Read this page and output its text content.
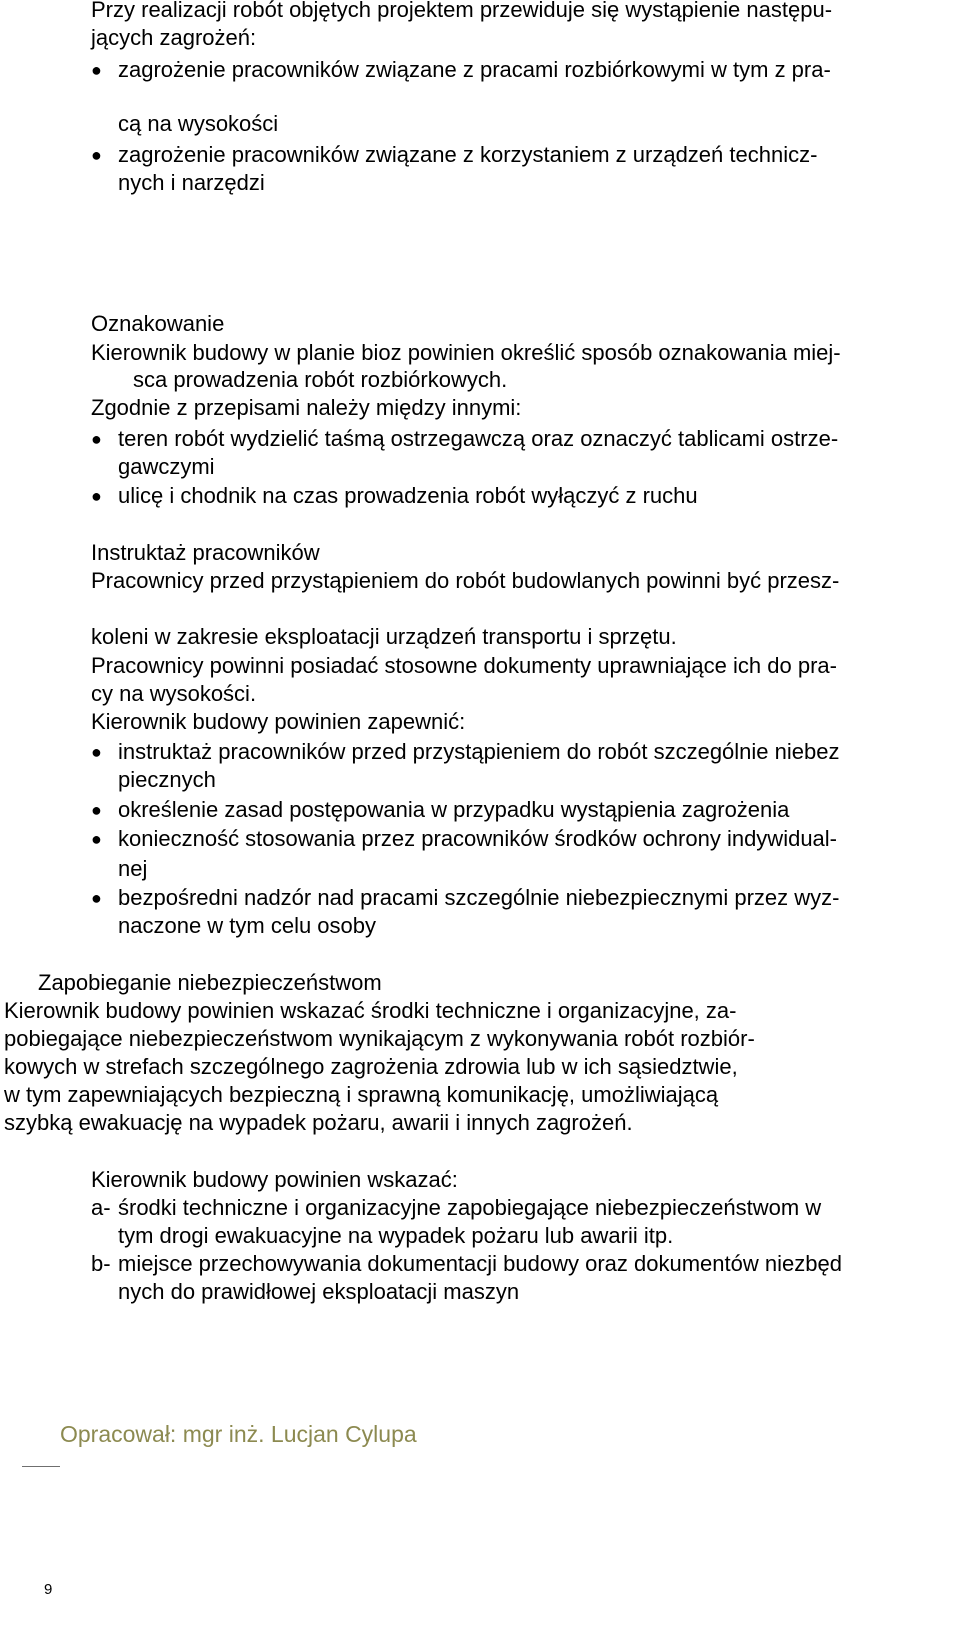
Przy realizacji robót objętych projektem przewiduje się wystąpienie następu-
jących zagrożeń:
● zagrożenie pracowników związane z pracami rozbiórkowymi w tym z pra-
cą na wysokości
● zagrożenie pracowników związane z korzystaniem z urządzeń technicz-
nych i narzędzi
Oznakowanie
Kierownik budowy w planie bioz powinien określić sposób oznakowania miej-
sca prowadzenia robót rozbiórkowych.
Zgodnie z przepisami należy między innymi:
● teren robót wydzielić taśmą ostrzegawczą oraz oznaczyć tablicami ostrze-
gawczymi
● ulicę i chodnik na czas prowadzenia robót wyłączyć z ruchu
Instruktaż pracowników
Pracownicy przed przystąpieniem do robót budowlanych powinni być przesz-
koleni w zakresie eksploatacji urządzeń transportu i sprzętu.
Pracownicy powinni posiadać stosowne dokumenty uprawniające ich do pra-
cy na wysokości.
Kierownik budowy powinien zapewnić:
● instruktaż pracowników przed przystąpieniem do robót szczególnie niebez
piecznych
● określenie zasad postępowania w przypadku wystąpienia zagrożenia
● konieczność stosowania przez pracowników środków ochrony indywidual-
nej
● bezpośredni nadzór nad pracami szczególnie niebezpiecznymi przez wyz-
naczone w tym celu osoby
Zapobieganie niebezpieczeństwom
Kierownik budowy powinien wskazać środki techniczne i organizacyjne, za-
pobiegające niebezpieczeństwom wynikającym z wykonywania robót rozbiór-
kowych w strefach szczególnego zagrożenia zdrowia lub w ich sąsiedztwie,
w tym zapewniających bezpieczną i sprawną komunikację, umożliwiającą
szybką ewakuację na wypadek pożaru, awarii i innych zagrożeń.
Kierownik budowy powinien wskazać:
a- środki techniczne i organizacyjne zapobiegające niebezpieczeństwom w
tym drogi ewakuacyjne na wypadek pożaru lub awarii itp.
b- miejsce przechowywania dokumentacji budowy oraz dokumentów niezbęd
nych do prawidłowej eksploatacji maszyn
Opracował: mgr inż. Lucjan Cylupa
9
